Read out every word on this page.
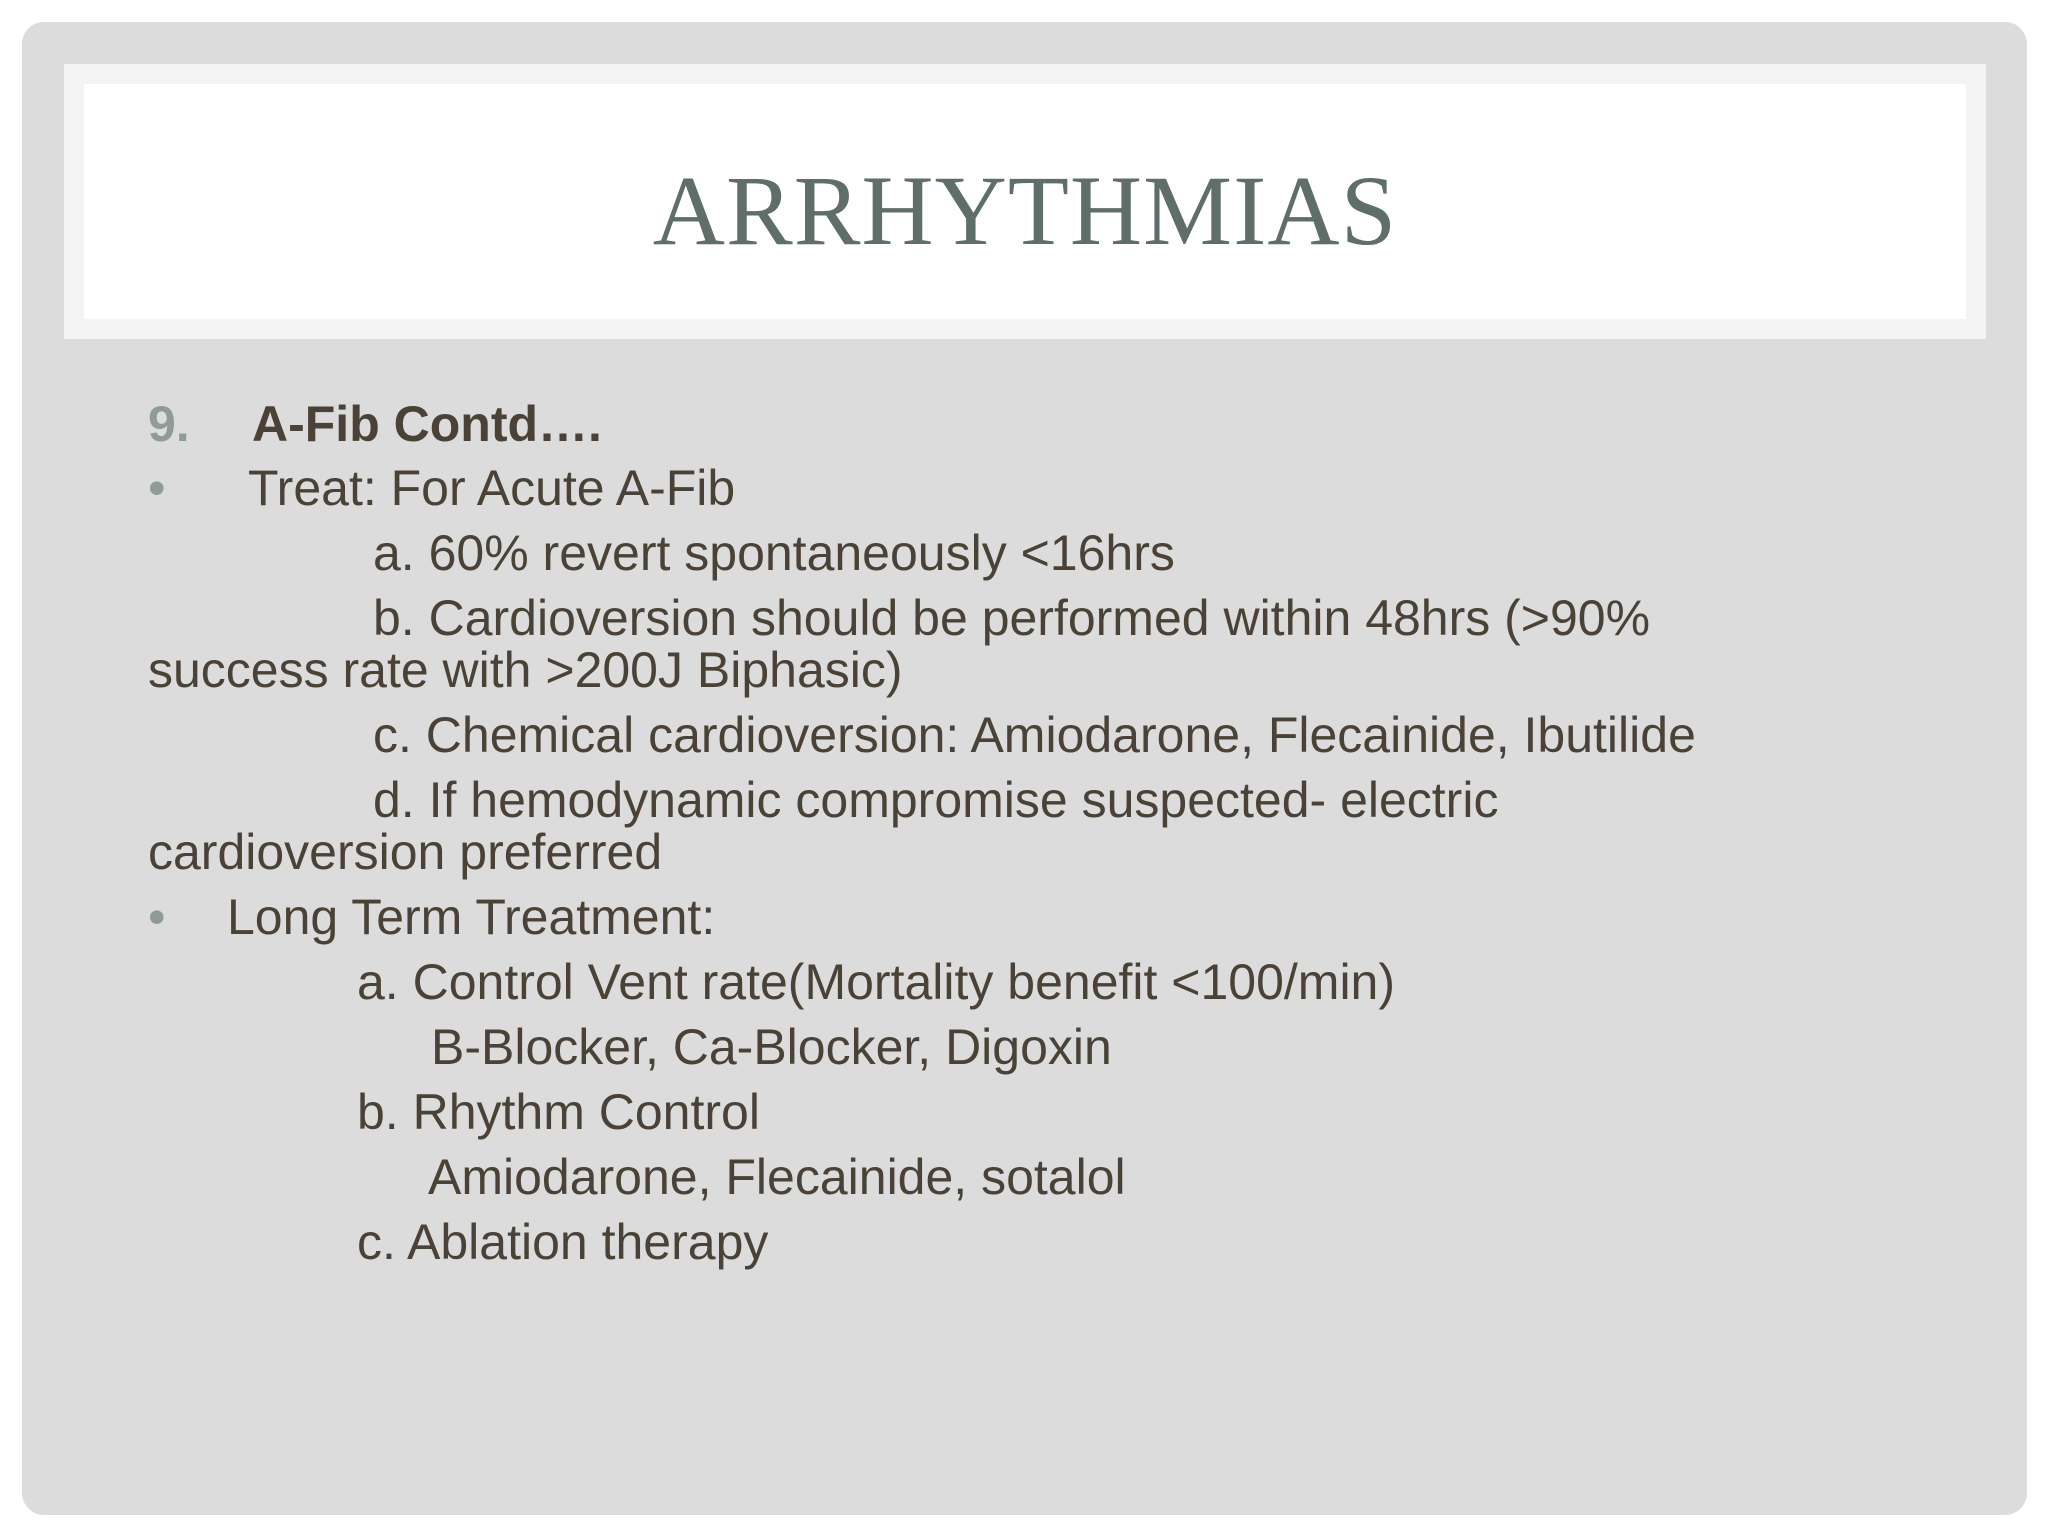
ARRHYTHMIAS
9. A-Fib Contd….
• Treat: For Acute A-Fib
a. 60% revert spontaneously <16hrs
b. Cardioversion should be performed within 48hrs (>90%
success rate with >200J Biphasic)
c. Chemical cardioversion: Amiodarone, Flecainide, Ibutilide
d. If hemodynamic compromise suspected- electric
cardioversion preferred
• Long Term Treatment:
a. Control Vent rate(Mortality benefit <100/min)
B-Blocker, Ca-Blocker, Digoxin
b. Rhythm Control
Amiodarone, Flecainide, sotalol
c. Ablation therapy
